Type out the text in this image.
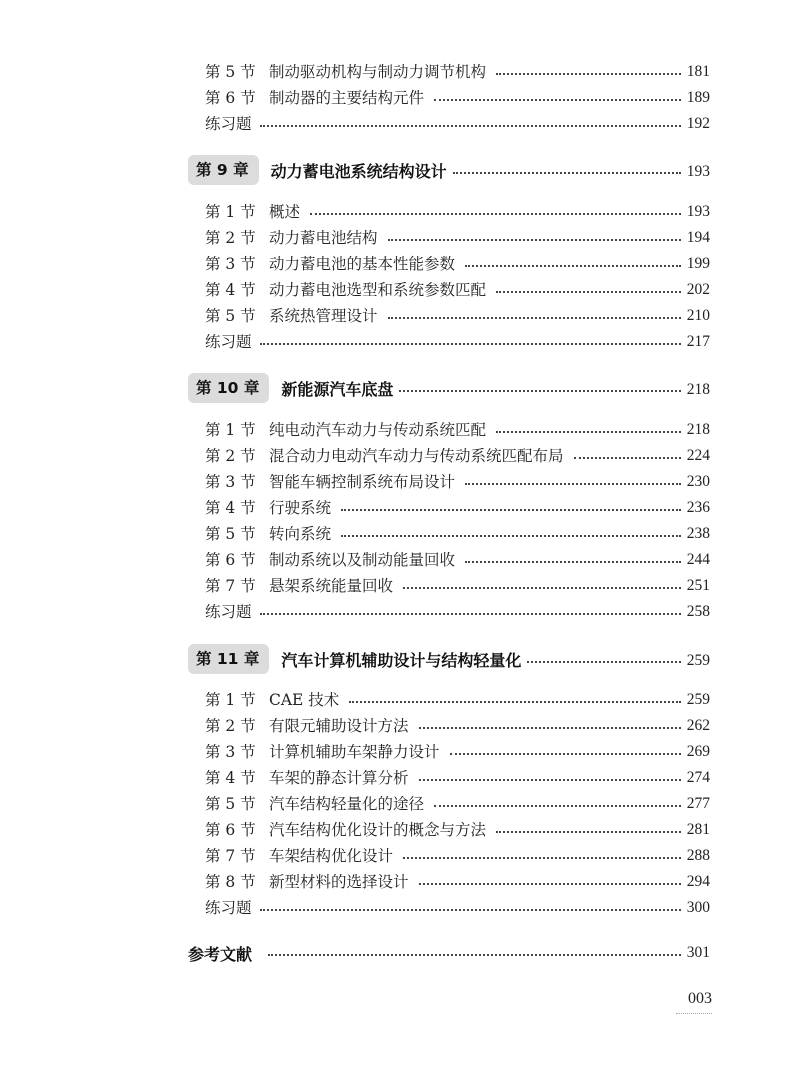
第 5 节 制动驱动机构与制动力调节机构	181
第 6 节 制动器的主要结构元件	189
练习题	192
第 9 章	动力蓄电池系统结构设计	193
第 1 节 概述	193
第 2 节 动力蓄电池结构	194
第 3 节 动力蓄电池的基本性能参数	199
第 4 节 动力蓄电池选型和系统参数匹配	202
第 5 节 系统热管理设计	210
练习题	217
第 10 章	新能源汽车底盘	218
第 1 节 纯电动汽车动力与传动系统匹配	218
第 2 节 混合动力电动汽车动力与传动系统匹配布局	224
第 3 节 智能车辆控制系统布局设计	230
第 4 节 行驶系统	236
第 5 节 转向系统	238
第 6 节 制动系统以及制动能量回收	244
第 7 节 悬架系统能量回收	251
练习题	258
第 11 章	汽车计算机辅助设计与结构轻量化	259
第 1 节 CAE 技术	259
第 2 节 有限元辅助设计方法	262
第 3 节 计算机辅助车架静力设计	269
第 4 节 车架的静态计算分析	274
第 5 节 汽车结构轻量化的途径	277
第 6 节 汽车结构优化设计的概念与方法	281
第 7 节 车架结构优化设计	288
第 8 节 新型材料的选择设计	294
练习题	300
参考文献	301
003
